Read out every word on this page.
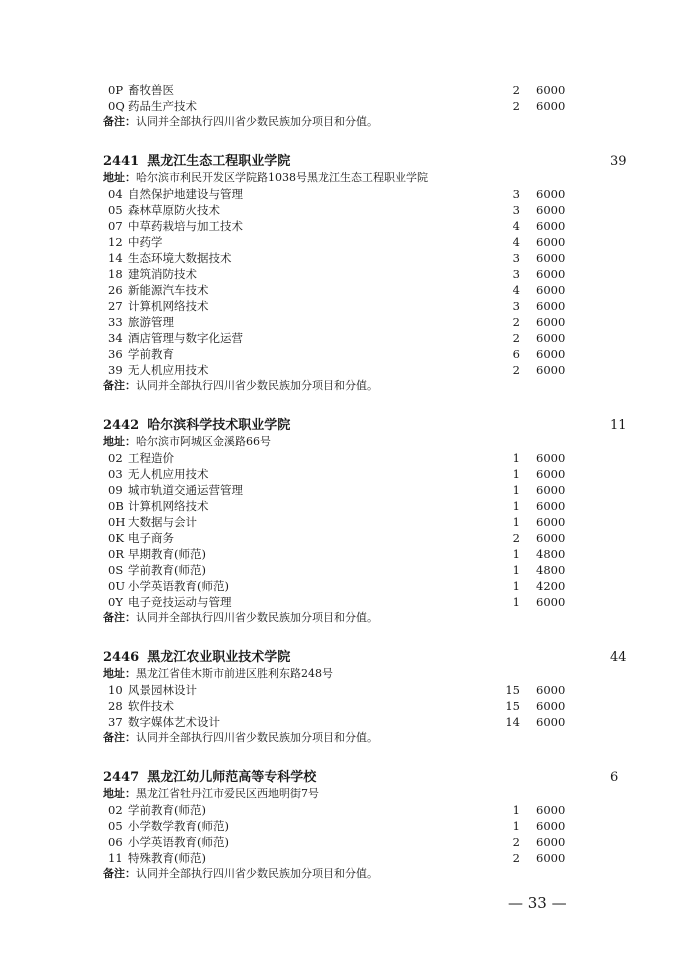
0P 畜牧兽医	2 6000
0Q 药品生产技术	2 6000
备注：认同并全部执行四川省少数民族加分项目和分值。
2441 黑龙江生态工程职业学院	39
地址：哈尔滨市利民开发区学院路1038号黑龙江生态工程职业学院
04 自然保护地建设与管理	3 6000
05 森林草原防火技术	3 6000
07 中草药栽培与加工技术	4 6000
12 中药学	4 6000
14 生态环境大数据技术	3 6000
18 建筑消防技术	3 6000
26 新能源汽车技术	4 6000
27 计算机网络技术	3 6000
33 旅游管理	2 6000
34 酒店管理与数字化运营	2 6000
36 学前教育	6 6000
39 无人机应用技术	2 6000
备注：认同并全部执行四川省少数民族加分项目和分值。
2442 哈尔滨科学技术职业学院	11
地址：哈尔滨市阿城区金溪路66号
02 工程造价	1 6000
03 无人机应用技术	1 6000
09 城市轨道交通运营管理	1 6000
0B 计算机网络技术	1 6000
0H 大数据与会计	1 6000
0K 电子商务	2 6000
0R 早期教育(师范)	1 4800
0S 学前教育(师范)	1 4800
0U 小学英语教育(师范)	1 4200
0Y 电子竞技运动与管理	1 6000
备注：认同并全部执行四川省少数民族加分项目和分值。
2446 黑龙江农业职业技术学院	44
地址：黑龙江省佳木斯市前进区胜利东路248号
10 风景园林设计	15 6000
28 软件技术	15 6000
37 数字媒体艺术设计	14 6000
备注：认同并全部执行四川省少数民族加分项目和分值。
2447 黑龙江幼儿师范高等专科学校	6
地址：黑龙江省牡丹江市爱民区西地明街7号
02 学前教育(师范)	1 6000
05 小学数学教育(师范)	1 6000
06 小学英语教育(师范)	2 6000
11 特殊教育(师范)	2 6000
备注：认同并全部执行四川省少数民族加分项目和分值。
— 33 —
